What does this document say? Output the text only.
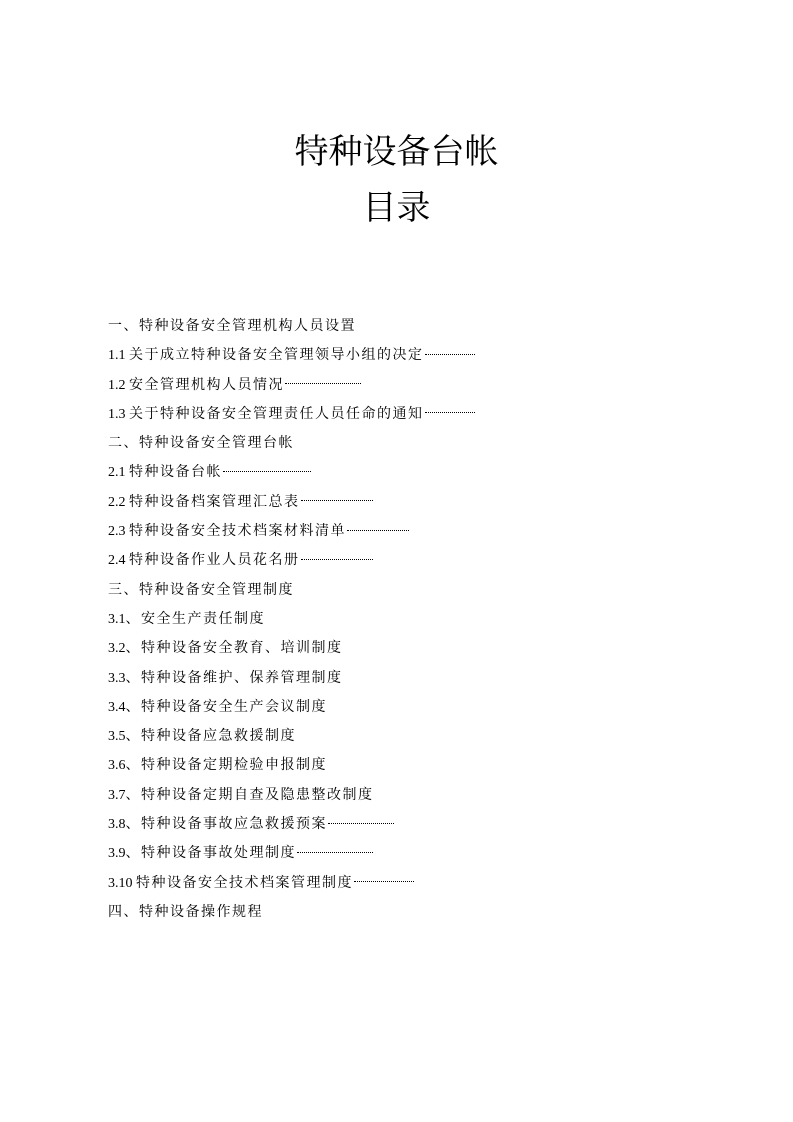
特种设备台帐
目录
一、特种设备安全管理机构人员设置
1.1 关于成立特种设备安全管理领导小组的决定
1.2 安全管理机构人员情况
1.3 关于特种设备安全管理责任人员任命的通知
二、特种设备安全管理台帐
2.1 特种设备台帐
2.2 特种设备档案管理汇总表
2.3 特种设备安全技术档案材料清单
2.4 特种设备作业人员花名册
三、特种设备安全管理制度
3.1、安全生产责任制度
3.2、特种设备安全教育、培训制度
3.3、特种设备维护、保养管理制度
3.4、特种设备安全生产会议制度
3.5、特种设备应急救援制度
3.6、特种设备定期检验申报制度
3.7、特种设备定期自查及隐患整改制度
3.8、特种设备事故应急救援预案
3.9、特种设备事故处理制度
3.10 特种设备安全技术档案管理制度
四、特种设备操作规程
